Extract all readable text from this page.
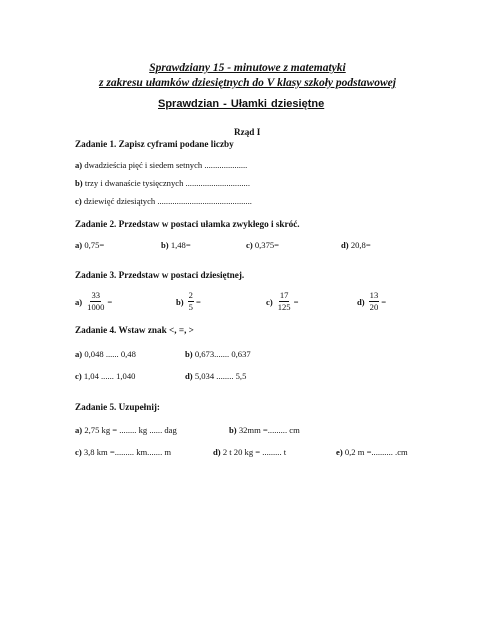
Sprawdziany 15 - minutowe z matematyki
z zakresu ułamków dziesiętnych do V klasy szkoły podstawowej
Sprawdzian - Ułamki dziesiętne
Rząd I
Zadanie 1. Zapisz cyframi podane liczby
a) dwadzieścia pięć i siedem setnych ....................
b) trzy i dwanaście tysięcznych ..............................
c) dziewięć dziesiątych ............................................
Zadanie 2. Przedstaw w postaci ułamka zwykłego i skróć.
a) 0,75=	b) 1,48=	c) 0,375=	d) 20,8=
Zadanie 3. Przedstaw w postaci dziesiętnej.
$a) \frac{33}{1000}$ =	$b) \frac{2}{5}$ =	$c) \frac{17}{125}$ =	$d) \frac{13}{20}$ =
Zadanie 4. Wstaw znak <, =, >
a) 0,048 ...... 0,48	b) 0,673....... 0,637
c) 1,04 ...... 1,040	d) 5,034 ........ 5,5
Zadanie 5. Uzupełnij:
a) 2,75 kg = ........ kg ...... dag	b) 32mm =......... cm
c) 3,8 km =......... km....... m	d) 2 t 20 kg = ......... t	e) 0,2 m =.......... .cm
